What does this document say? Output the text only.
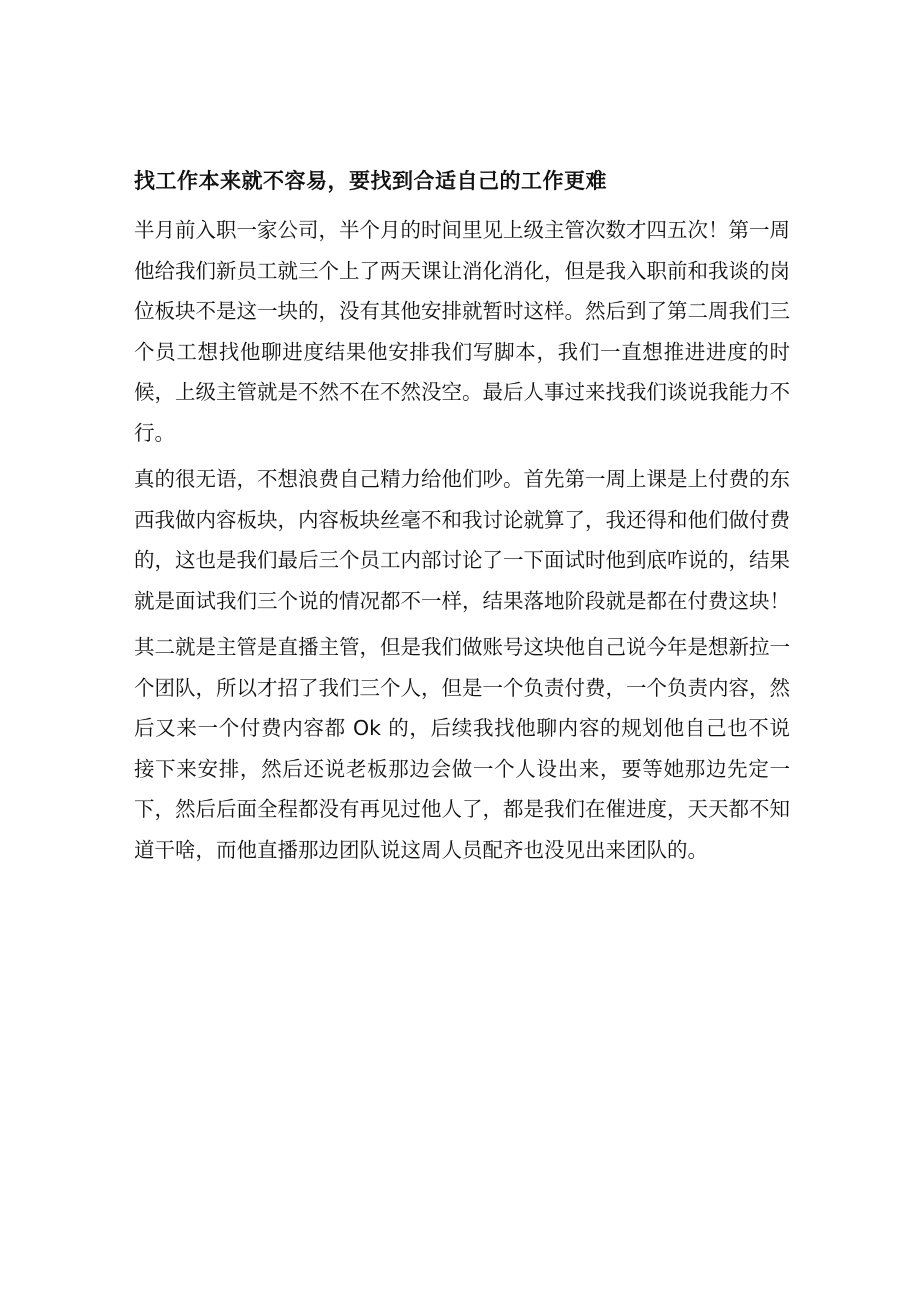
找工作本来就不容易，要找到合适自己的工作更难

半月前入职一家公司，半个月的时间里见上级主管次数才四五次！第一周他给我们新员工就三个上了两天课让消化消化，但是我入职前和我谈的岗位板块不是这一块的，没有其他安排就暂时这样。然后到了第二周我们三个员工想找他聊进度结果他安排我们写脚本，我们一直想推进进度的时候，上级主管就是不然不在不然没空。最后人事过来找我们谈说我能力不行。

真的很无语，不想浪费自己精力给他们吵。首先第一周上课是上付费的东西我做内容板块，内容板块丝毫不和我讨论就算了，我还得和他们做付费的，这也是我们最后三个员工内部讨论了一下面试时他到底咋说的，结果就是面试我们三个说的情况都不一样，结果落地阶段就是都在付费这块！

其二就是主管是直播主管，但是我们做账号这块他自己说今年是想新拉一个团队，所以才招了我们三个人，但是一个负责付费，一个负责内容，然后又来一个付费内容都 Ok 的，后续我找他聊内容的规划他自己也不说接下来安排，然后还说老板那边会做一个人设出来，要等她那边先定一下，然后后面全程都没有再见过他人了，都是我们在催进度，天天都不知道干啥，而他直播那边团队说这周人员配齐也没见出来团队的。
